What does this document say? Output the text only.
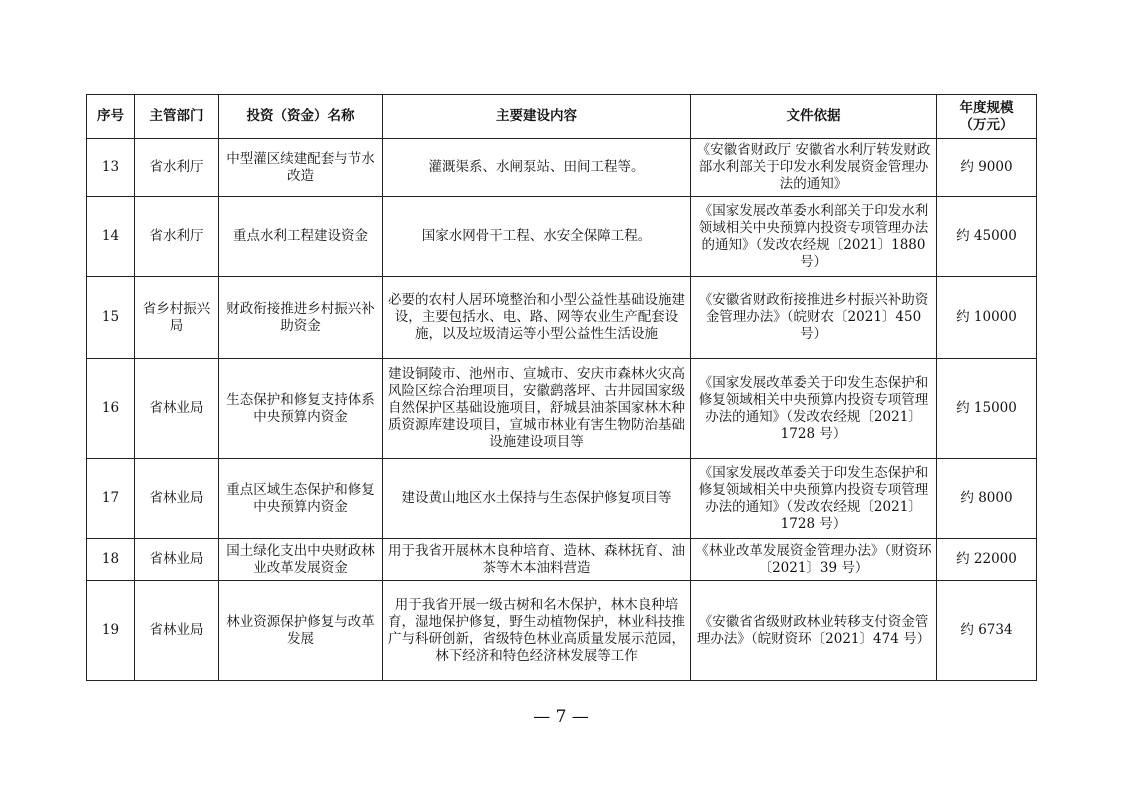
序号	主管部门	投资（资金）名称	主要建设内容	文件依据	年度规模
（万元）
13	省水利厅	中型灌区续建配套与节水改造	灌溉渠系、水闸泵站、田间工程等。	《安徽省财政厅 安徽省水利厅转发财政部水利部关于印发水利发展资金管理办法的通知》	约 9000
14	省水利厅	重点水利工程建设资金	国家水网骨干工程、水安全保障工程。	《国家发展改革委水利部关于印发水利领域相关中央预算内投资专项管理办法的通知》（发改农经规〔2021〕1880 号）	约 45000
15	省乡村振兴局	财政衔接推进乡村振兴补助资金	必要的农村人居环境整治和小型公益性基础设施建设，主要包括水、电、路、网等农业生产配套设施，以及垃圾清运等小型公益性生活设施	《安徽省财政衔接推进乡村振兴补助资金管理办法》（皖财农〔2021〕450 号）	约 10000
16	省林业局	生态保护和修复支持体系中央预算内资金	建设铜陵市、池州市、宣城市、安庆市森林火灾高风险区综合治理项目，安徽鹞落坪、古井园国家级自然保护区基础设施项目，舒城县油茶国家林木种质资源库建设项目，宣城市林业有害生物防治基础设施建设项目等	《国家发展改革委关于印发生态保护和修复领域相关中央预算内投资专项管理办法的通知》（发改农经规〔2021〕1728 号）	约 15000
17	省林业局	重点区域生态保护和修复中央预算内资金	建设黄山地区水土保持与生态保护修复项目等	《国家发展改革委关于印发生态保护和修复领域相关中央预算内投资专项管理办法的通知》（发改农经规〔2021〕1728 号）	约 8000
18	省林业局	国土绿化支出中央财政林业改革发展资金	用于我省开展林木良种培育、造林、森林抚育、油茶等木本油料营造	《林业改革发展资金管理办法》（财资环〔2021〕39 号）	约 22000
19	省林业局	林业资源保护修复与改革发展	用于我省开展一级古树和名木保护，林木良种培育，湿地保护修复，野生动植物保护，林业科技推广与科研创新，省级特色林业高质量发展示范园，林下经济和特色经济林发展等工作	《安徽省省级财政林业转移支付资金管理办法》（皖财资环〔2021〕474 号）	约 6734
— 7 —
